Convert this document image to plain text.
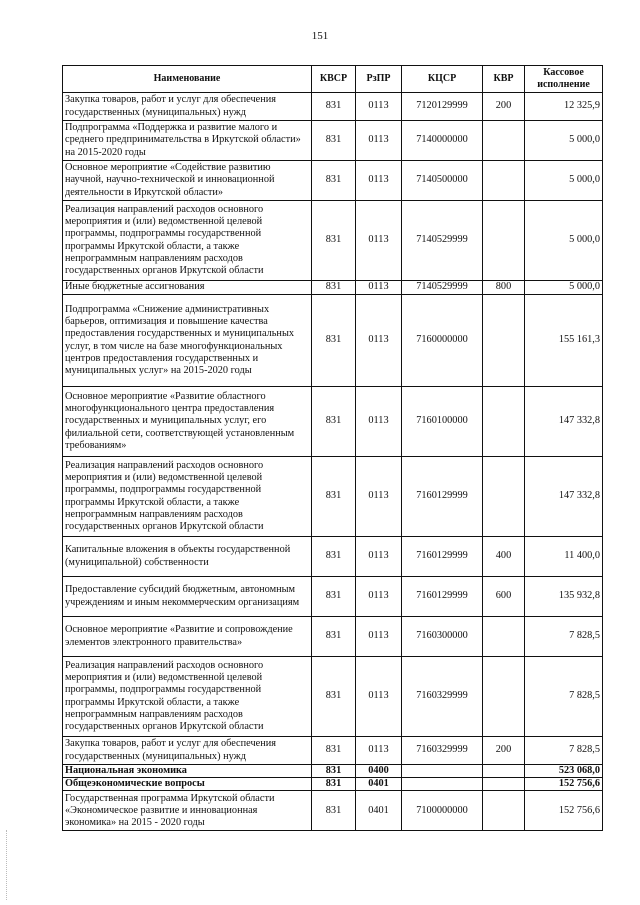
151
Наименование	КВСР	РзПР	КЦСР	КВР	Кассовое исполнение
Закупка товаров, работ и услуг для обеспечения государственных (муниципальных) нужд	831	0113	7120129999	200	12 325,9
Подпрограмма «Поддержка и развитие малого и среднего предпринимательства в Иркутской области» на 2015-2020 годы	831	0113	7140000000		5 000,0
Основное мероприятие «Содействие развитию научной, научно-технической и инновационной деятельности в Иркутской области»	831	0113	7140500000		5 000,0
Реализация направлений расходов основного мероприятия и (или) ведомственной целевой программы, подпрограммы государственной программы Иркутской области, а также непрограммным направлениям расходов государственных органов Иркутской области	831	0113	7140529999		5 000,0
Иные бюджетные ассигнования	831	0113	7140529999	800	5 000,0
Подпрограмма «Снижение административных барьеров, оптимизация и повышение качества предоставления государственных и муниципальных услуг, в том числе на базе многофункциональных центров предоставления государственных и муниципальных услуг» на 2015-2020 годы	831	0113	7160000000		155 161,3
Основное мероприятие «Развитие областного многофункционального центра предоставления государственных и муниципальных услуг, его филиальной сети, соответствующей установленным требованиям»	831	0113	7160100000		147 332,8
Реализация направлений расходов основного мероприятия и (или) ведомственной целевой программы, подпрограммы государственной программы Иркутской области, а также непрограммным направлениям расходов государственных органов Иркутской области	831	0113	7160129999		147 332,8
Капитальные вложения в объекты государственной (муниципальной) собственности	831	0113	7160129999	400	11 400,0
Предоставление субсидий бюджетным, автономным учреждениям и иным некоммерческим организациям	831	0113	7160129999	600	135 932,8
Основное мероприятие «Развитие и сопровождение элементов электронного правительства»	831	0113	7160300000		7 828,5
Реализация направлений расходов основного мероприятия и (или) ведомственной целевой программы, подпрограммы государственной программы Иркутской области, а также непрограммным направлениям расходов государственных органов Иркутской области	831	0113	7160329999		7 828,5
Закупка товаров, работ и услуг для обеспечения государственных (муниципальных) нужд	831	0113	7160329999	200	7 828,5
Национальная экономика	831	0400			523 068,0
Общеэкономические вопросы	831	0401			152 756,6
Государственная программа Иркутской области «Экономическое развитие и инновационная экономика» на 2015 - 2020 годы	831	0401	7100000000		152 756,6
